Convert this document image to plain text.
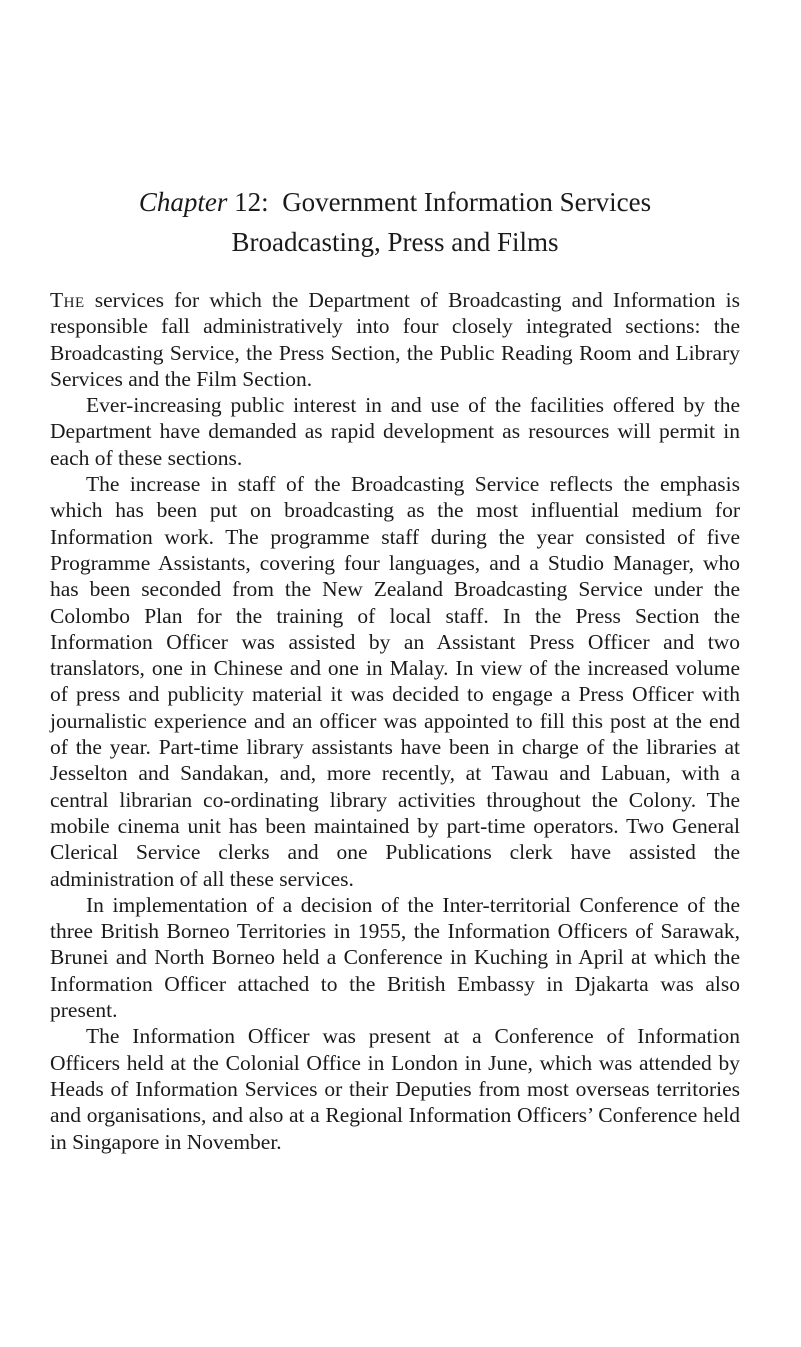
Chapter 12: Government Information Services
Broadcasting, Press and Films

The services for which the Department of Broadcasting and Information is responsible fall administratively into four closely integrated sections: the Broadcasting Service, the Press Section, the Public Reading Room and Library Services and the Film Section.

Ever-increasing public interest in and use of the facilities offered by the Department have demanded as rapid development as resources will permit in each of these sections.

The increase in staff of the Broadcasting Service reflects the emphasis which has been put on broadcasting as the most influential medium for Information work. The programme staff during the year consisted of five Programme Assistants, covering four languages, and a Studio Manager, who has been seconded from the New Zealand Broadcasting Service under the Colombo Plan for the training of local staff. In the Press Section the Information Officer was assisted by an Assistant Press Officer and two translators, one in Chinese and one in Malay. In view of the increased volume of press and publicity material it was decided to engage a Press Officer with journalistic experience and an officer was appointed to fill this post at the end of the year. Part-time library assistants have been in charge of the libraries at Jesselton and Sandakan, and, more recently, at Tawau and Labuan, with a central librarian co-ordinating library activities throughout the Colony. The mobile cinema unit has been maintained by part-time operators. Two General Clerical Service clerks and one Publications clerk have assisted the administration of all these services.

In implementation of a decision of the Inter-territorial Conference of the three British Borneo Territories in 1955, the Information Officers of Sarawak, Brunei and North Borneo held a Conference in Kuching in April at which the Information Officer attached to the British Embassy in Djakarta was also present.

The Information Officer was present at a Conference of Information Officers held at the Colonial Office in London in June, which was attended by Heads of Information Services or their Deputies from most overseas territories and organisations, and also at a Regional Information Officers’ Conference held in Singapore in November.
